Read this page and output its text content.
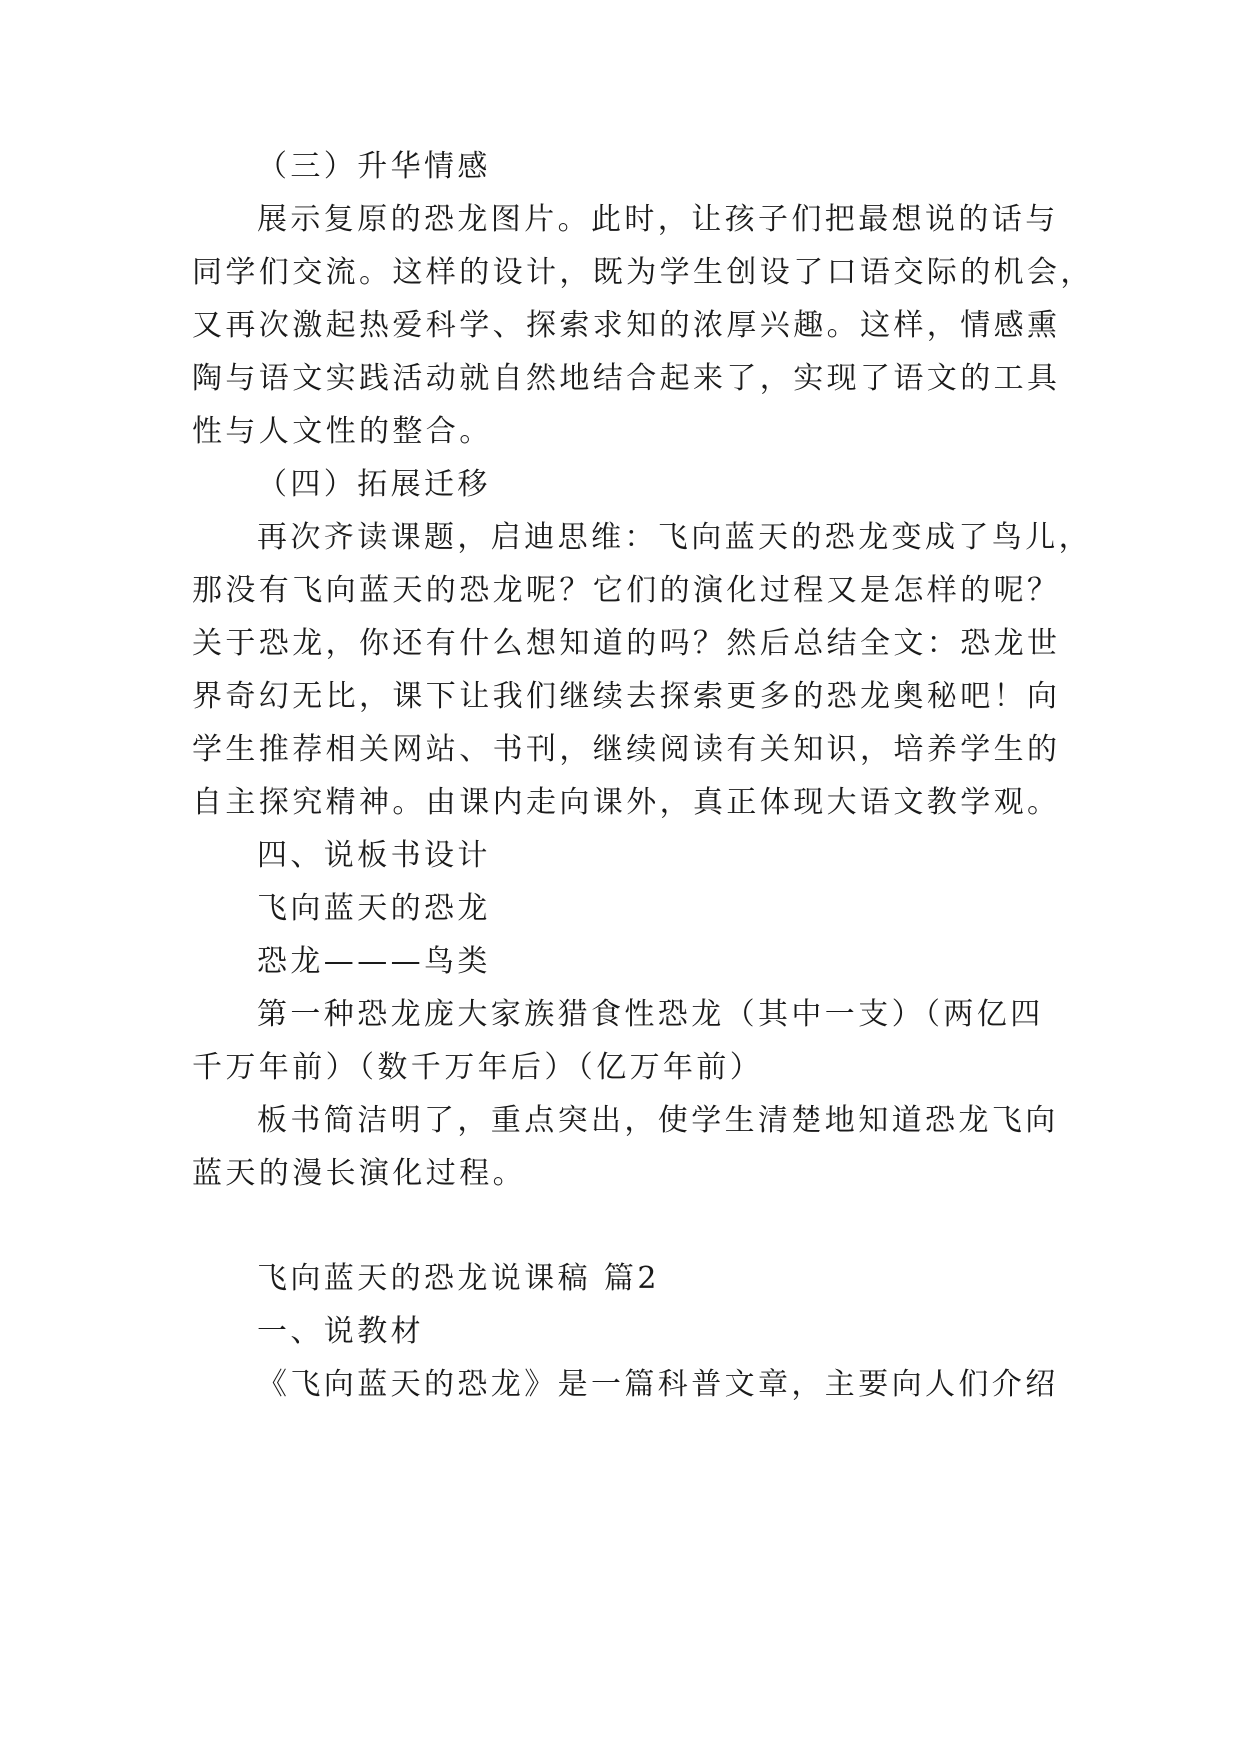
（三）升华情感
展示复原的恐龙图片。此时，让孩子们把最想说的话与
同学们交流。这样的设计，既为学生创设了口语交际的机会，
又再次激起热爱科学、探索求知的浓厚兴趣。这样，情感熏
陶与语文实践活动就自然地结合起来了，实现了语文的工具
性与人文性的整合。
（四）拓展迁移
再次齐读课题，启迪思维：飞向蓝天的恐龙变成了鸟儿，
那没有飞向蓝天的恐龙呢？它们的演化过程又是怎样的呢？
关于恐龙，你还有什么想知道的吗？然后总结全文：恐龙世
界奇幻无比，课下让我们继续去探索更多的恐龙奥秘吧！向
学生推荐相关网站、书刊，继续阅读有关知识，培养学生的
自主探究精神。由课内走向课外，真正体现大语文教学观。
四、说板书设计
飞向蓝天的恐龙
恐龙———鸟类
第一种恐龙庞大家族猎食性恐龙（其中一支）（两亿四
千万年前）（数千万年后）（亿万年前）
板书简洁明了，重点突出，使学生清楚地知道恐龙飞向
蓝天的漫长演化过程。
飞向蓝天的恐龙说课稿 篇2
一、说教材
《飞向蓝天的恐龙》是一篇科普文章，主要向人们介绍
